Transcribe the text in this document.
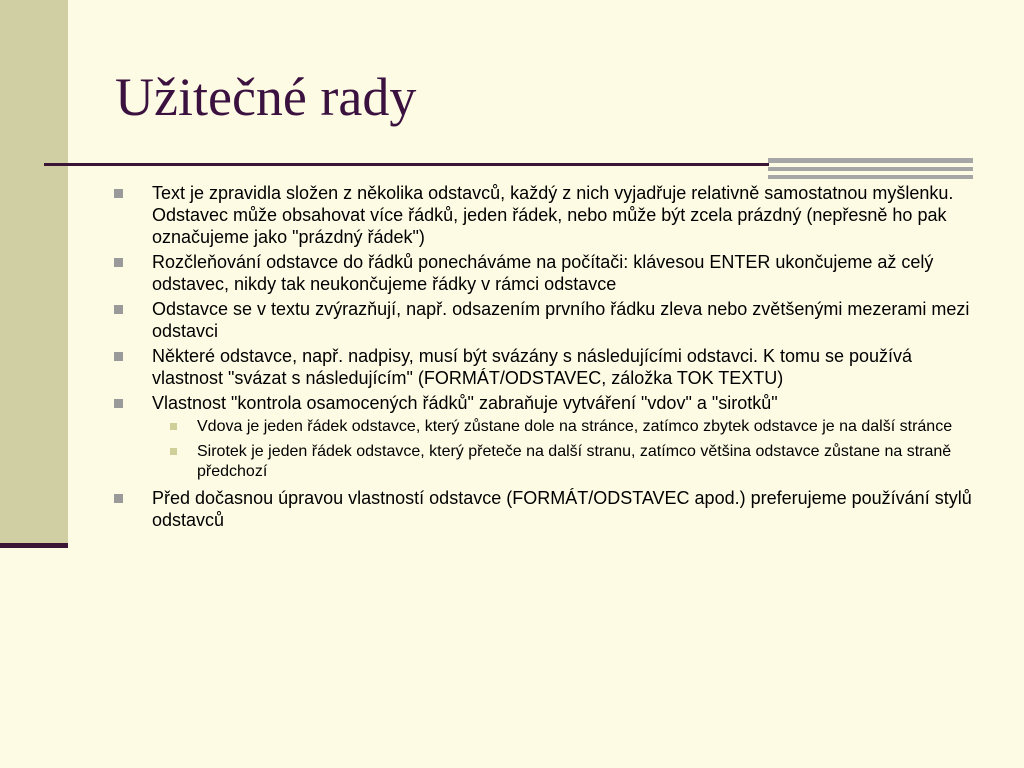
Užitečné rady
Text je zpravidla složen z několika odstavců, každý z nich vyjadřuje relativně samostatnou myšlenku. Odstavec může obsahovat více řádků, jeden řádek, nebo může být zcela prázdný (nepřesně ho pak označujeme jako "prázdný řádek")
Rozčleňování odstavce do řádků ponecháváme na počítači: klávesou ENTER ukončujeme až celý odstavec, nikdy tak neukončujeme řádky v rámci odstavce
Odstavce se v textu zvýrazňují, např. odsazením prvního řádku zleva nebo zvětšenými mezerami mezi odstavci
Některé odstavce, např. nadpisy, musí být svázány s následujícími odstavci. K tomu se používá vlastnost "svázat s následujícím" (FORMÁT/ODSTAVEC, záložka TOK TEXTU)
Vlastnost "kontrola osamocených řádků" zabraňuje vytváření "vdov" a "sirotků"
Vdova je jeden řádek odstavce, který zůstane dole na stránce, zatímco zbytek odstavce je na další stránce
Sirotek je jeden řádek odstavce, který přeteče na další stranu, zatímco většina odstavce zůstane na straně předchozí
Před dočasnou úpravou vlastností odstavce (FORMÁT/ODSTAVEC apod.) preferujeme používání stylů odstavců
